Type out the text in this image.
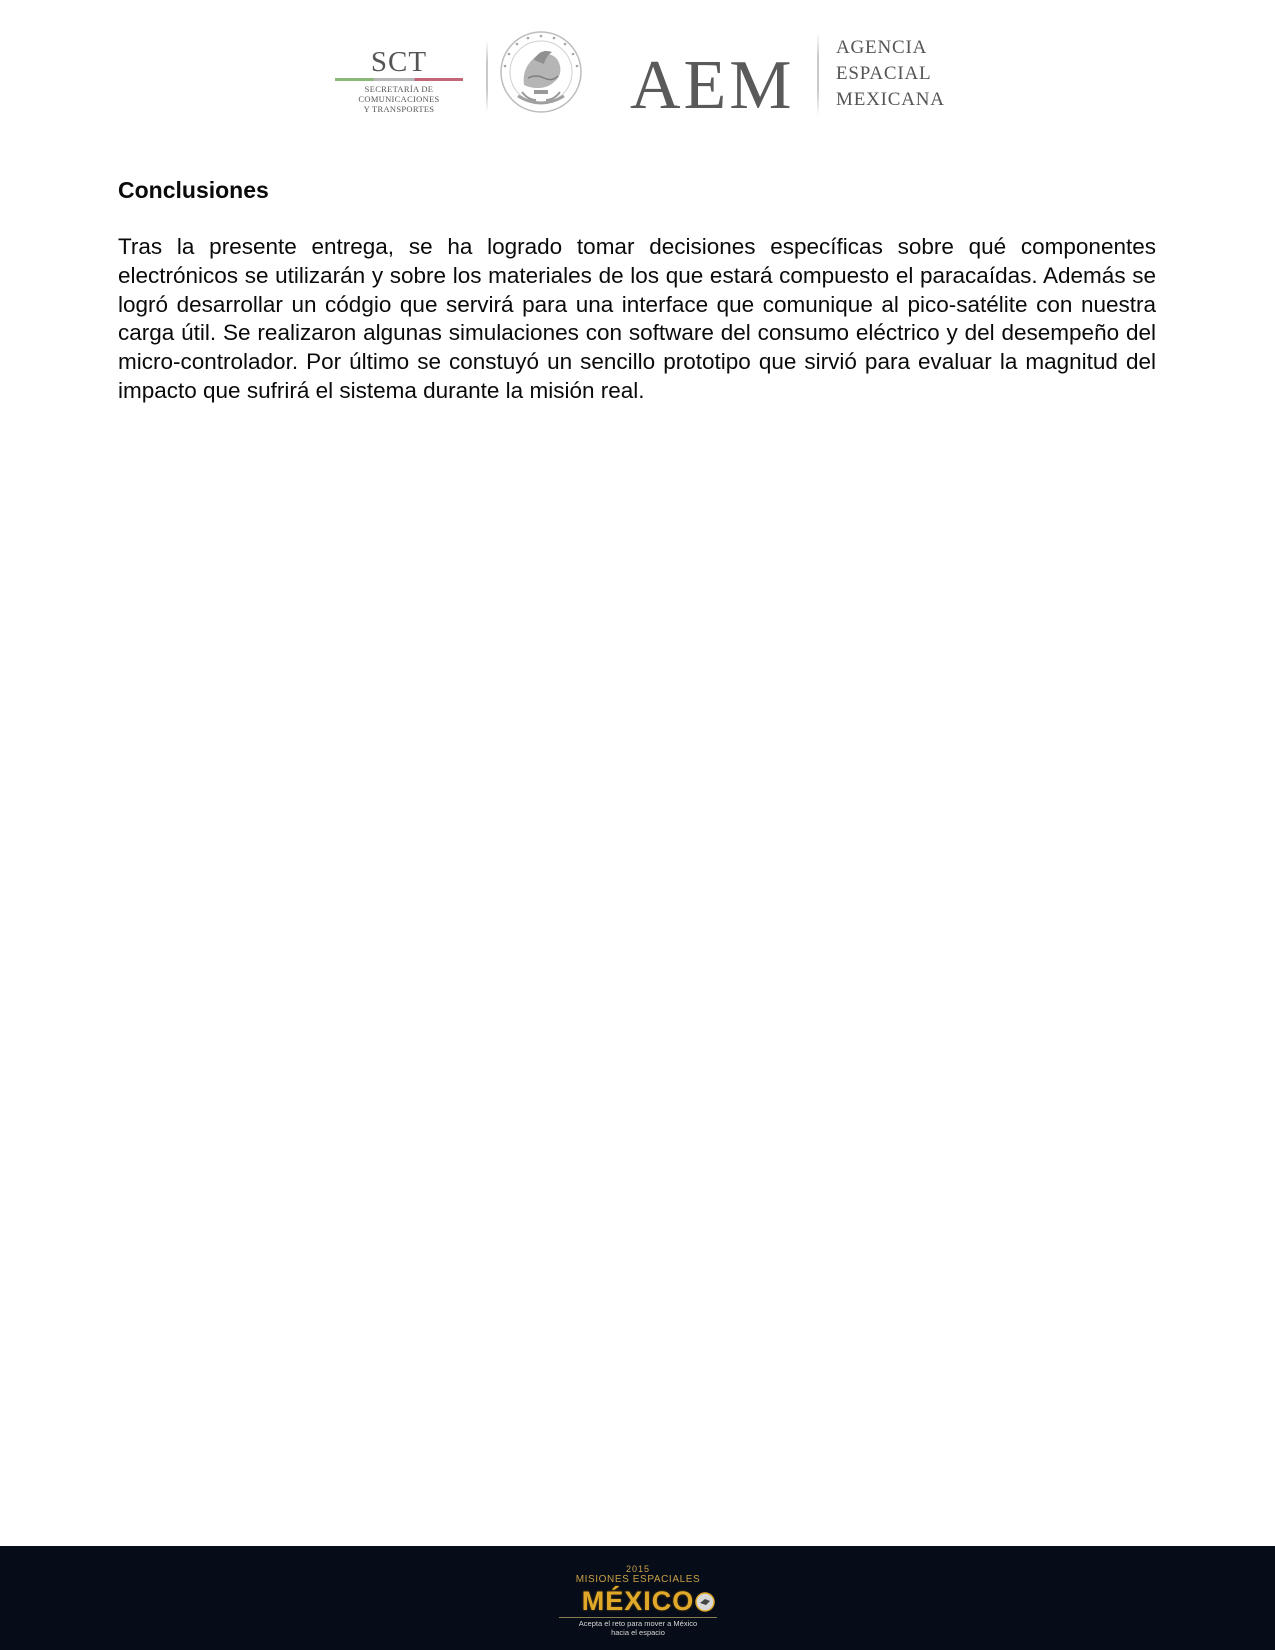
SCT
SECRETARÍA DE
COMUNICACIONES
Y TRANSPORTES	AEM AGENCIA
ESPACIAL
MEXICANA
Conclusiones

Tras la presente entrega, se ha logrado tomar decisiones específicas sobre qué componentes electrónicos se utilizarán y sobre los materiales de los que estará compuesto el paracaídas. Además se logró desarrollar un códgio que servirá para una interface que comunique al pico-satélite con nuestra carga útil. Se realizaron algunas simulaciones con software del consumo eléctrico y del desempeño del micro-controlador. Por último se constuyó un sencillo prototipo que sirvió para evaluar la magnitud del impacto que sufrirá el sistema durante la misión real.

2015
MISIONES ESPACIALES
MÉXICO
Acepta el reto para mover a México
hacia el espacio
